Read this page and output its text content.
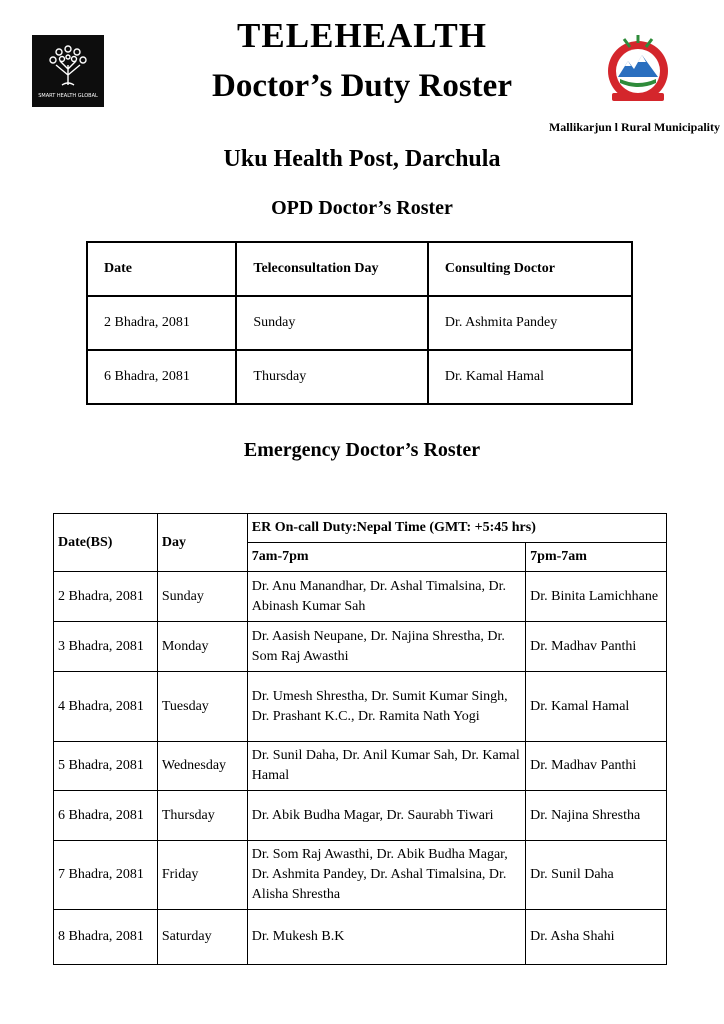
SMART HEALTH GLOBAL
TELEHEALTH
Doctor’s Duty Roster
Mallikarjun l Rural Municipality
Uku Health Post, Darchula
OPD Doctor’s Roster
Date	Teleconsultation Day	Consulting Doctor
2 Bhadra, 2081	Sunday	Dr. Ashmita Pandey
6 Bhadra, 2081	Thursday	Dr. Kamal Hamal
Emergency Doctor’s Roster
Date(BS)	Day	ER On-call Duty:Nepal Time (GMT: +5:45 hrs)	
		7am-7pm	7pm-7am
2 Bhadra, 2081	Sunday	Dr. Anu Manandhar, Dr. Ashal Timalsina, Dr. Abinash Kumar Sah	Dr. Binita Lamichhane
3 Bhadra, 2081	Monday	Dr. Aasish Neupane, Dr. Najina Shrestha, Dr. Som Raj Awasthi	Dr. Madhav Panthi
4 Bhadra, 2081	Tuesday	Dr. Umesh Shrestha, Dr. Sumit Kumar Singh, Dr. Prashant K.C., Dr. Ramita Nath Yogi	Dr. Kamal Hamal
5 Bhadra, 2081	Wednesday	Dr. Sunil Daha, Dr. Anil Kumar Sah, Dr. Kamal Hamal	Dr. Madhav Panthi
6 Bhadra, 2081	Thursday	Dr. Abik Budha Magar, Dr. Saurabh Tiwari	Dr. Najina Shrestha
7 Bhadra, 2081	Friday	Dr. Som Raj Awasthi, Dr. Abik Budha Magar, Dr. Ashmita Pandey, Dr. Ashal Timalsina, Dr. Alisha Shrestha	Dr. Sunil Daha
8 Bhadra, 2081	Saturday	Dr. Mukesh B.K	Dr. Asha Shahi
